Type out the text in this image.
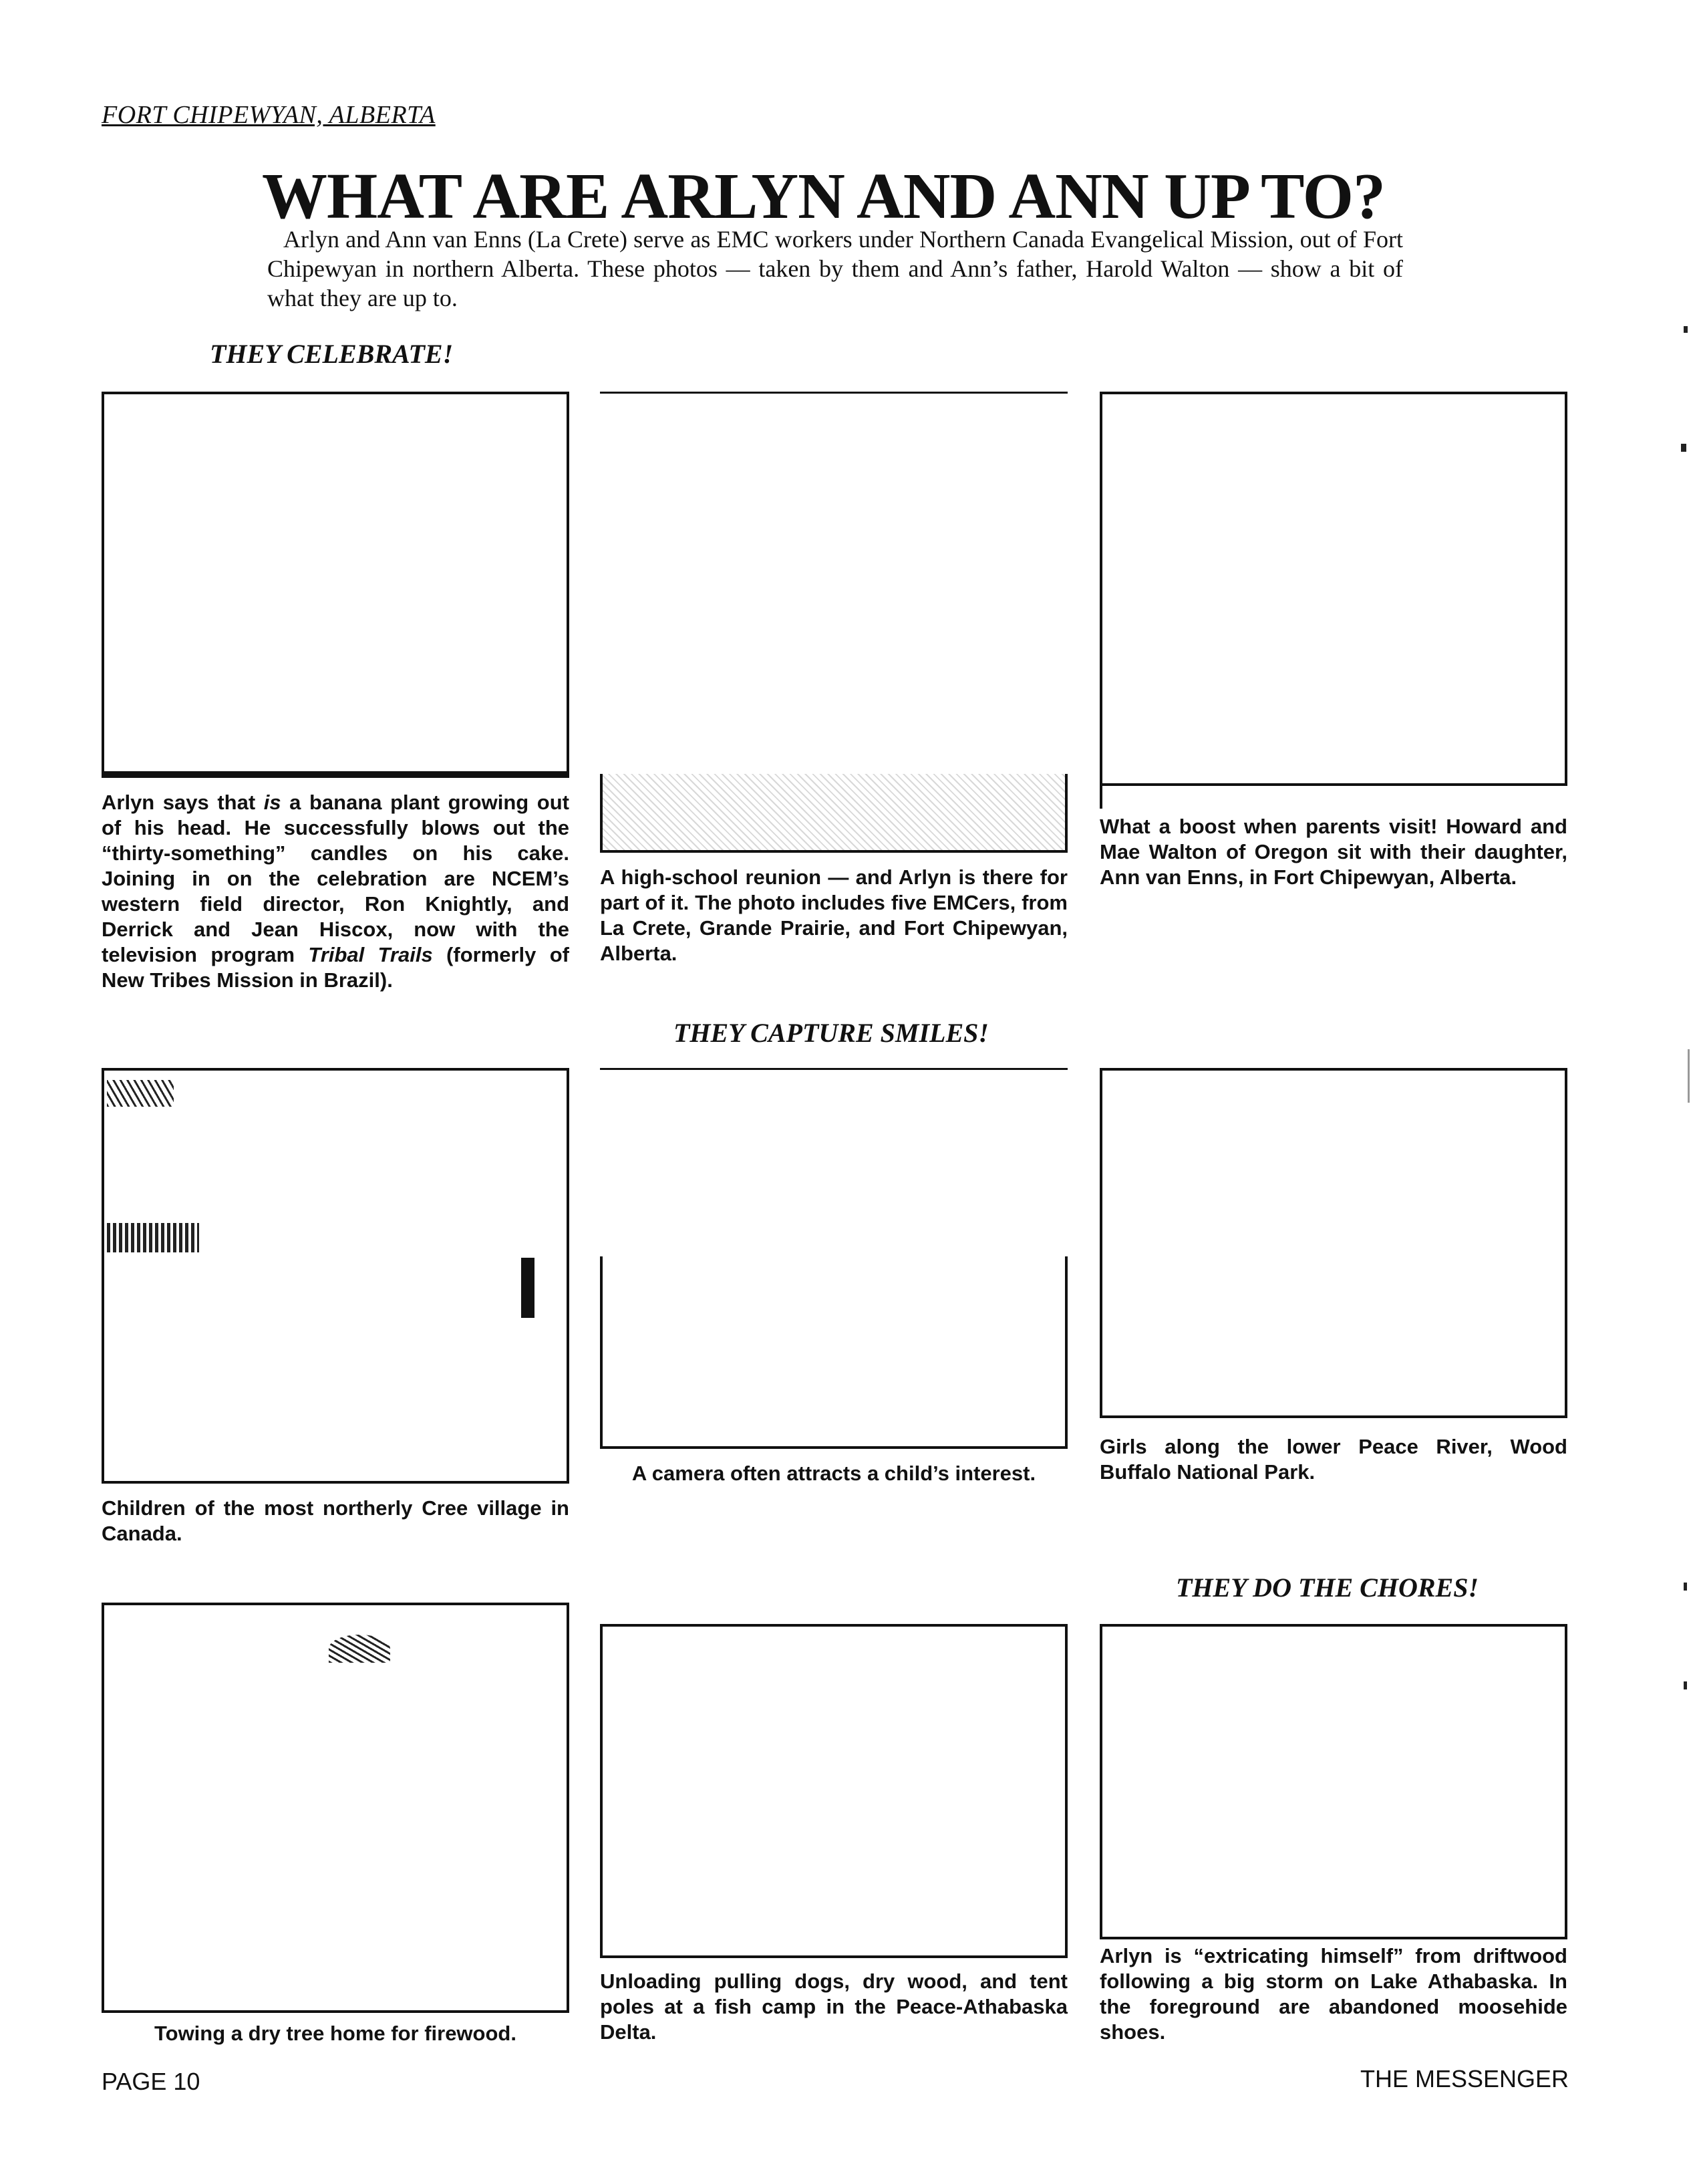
FORT CHIPEWYAN, ALBERTA
WHAT ARE ARLYN AND ANN UP TO?

Arlyn and Ann van Enns (La Crete) serve as EMC workers under Northern Canada Evangelical Mission, out of Fort Chipewyan in northern Alberta. These photos — taken by them and Ann’s father, Harold Walton — show a bit of what they are up to.

THEY CELEBRATE!
Arlyn says that is a banana plant growing out of his head. He successfully blows out the “thirty-something” candles on his cake. Joining in on the celebration are NCEM’s western field director, Ron Knightly, and Derrick and Jean Hiscox, now with the television program Tribal Trails (formerly of New Tribes Mission in Brazil).
A high-school reunion — and Arlyn is there for part of it. The photo includes five EMCers, from La Crete, Grande Prairie, and Fort Chipewyan, Alberta.
What a boost when parents visit! Howard and Mae Walton of Oregon sit with their daughter, Ann van Enns, in Fort Chipewyan, Alberta.
THEY CAPTURE SMILES!
Children of the most northerly Cree village in Canada.
A camera often attracts a child’s interest.
Girls along the lower Peace River, Wood Buffalo National Park.
THEY DO THE CHORES!
Towing a dry tree home for firewood.
Unloading pulling dogs, dry wood, and tent poles at a fish camp in the Peace-Athabaska Delta.
Arlyn is “extricating himself” from driftwood following a big storm on Lake Athabaska. In the foreground are abandoned moosehide shoes.
PAGE 10	THE MESSENGER
